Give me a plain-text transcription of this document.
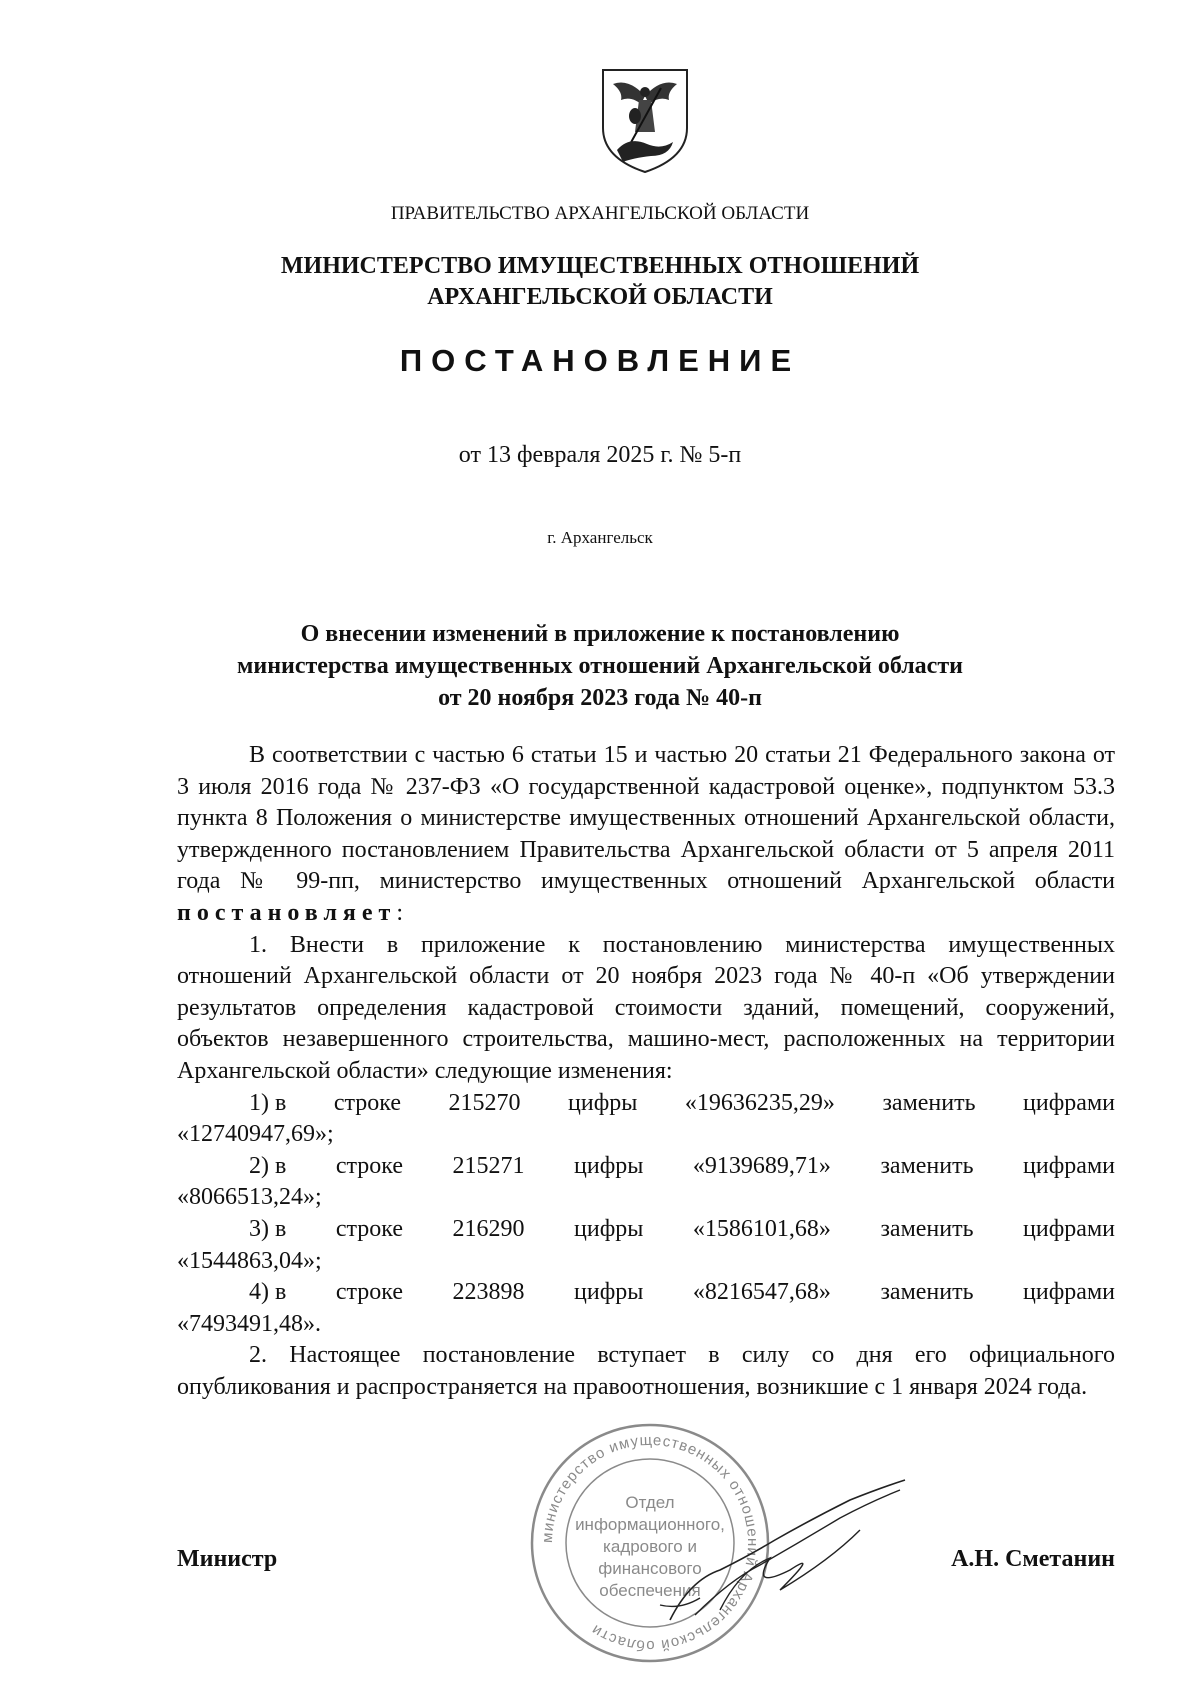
ПРАВИТЕЛЬСТВО АРХАНГЕЛЬСКОЙ ОБЛАСТИ
МИНИСТЕРСТВО ИМУЩЕСТВЕННЫХ ОТНОШЕНИЙ
АРХАНГЕЛЬСКОЙ ОБЛАСТИ
ПОСТАНОВЛЕНИЕ
от 13 февраля 2025 г. № 5-п
г. Архангельск
О внесении изменений в приложение к постановлению
министерства имущественных отношений Архангельской области
от 20 ноября 2023 года № 40-п

В соответствии с частью 6 статьи 15 и частью 20 статьи 21 Федерального закона от 3 июля 2016 года № 237-ФЗ «О государственной кадастровой оценке», подпунктом 53.3 пункта 8 Положения о министерстве имущественных отношений Архангельской области, утвержденного постановлением Правительства Архангельской области от 5 апреля 2011 года № 99-пп, министерство имущественных отношений Архангельской области постановляет:

1. Внести в приложение к постановлению министерства имущественных отношений Архангельской области от 20 ноября 2023 года № 40-п «Об утверждении результатов определения кадастровой стоимости зданий, помещений, сооружений, объектов незавершенного строительства, машино-мест, расположенных на территории Архангельской области» следующие изменения:

1) в строке 215270 цифры «19636235,29» заменить цифрами
«12740947,69»;
2) в строке 215271 цифры «9139689,71» заменить цифрами
«8066513,24»;
3) в строке 216290 цифры «1586101,68» заменить цифрами
«1544863,04»;
4) в строке 223898 цифры «8216547,68» заменить цифрами
«7493491,48».

2. Настоящее постановление вступает в силу со дня его официального опубликования и распространяется на правоотношения, возникшие с 1 января 2024 года.

министерство имущественных отношений Архангельской области
Отдел
информационного,
кадрового и
финансового
обеспечения
Министр	А.Н. Сметанин
